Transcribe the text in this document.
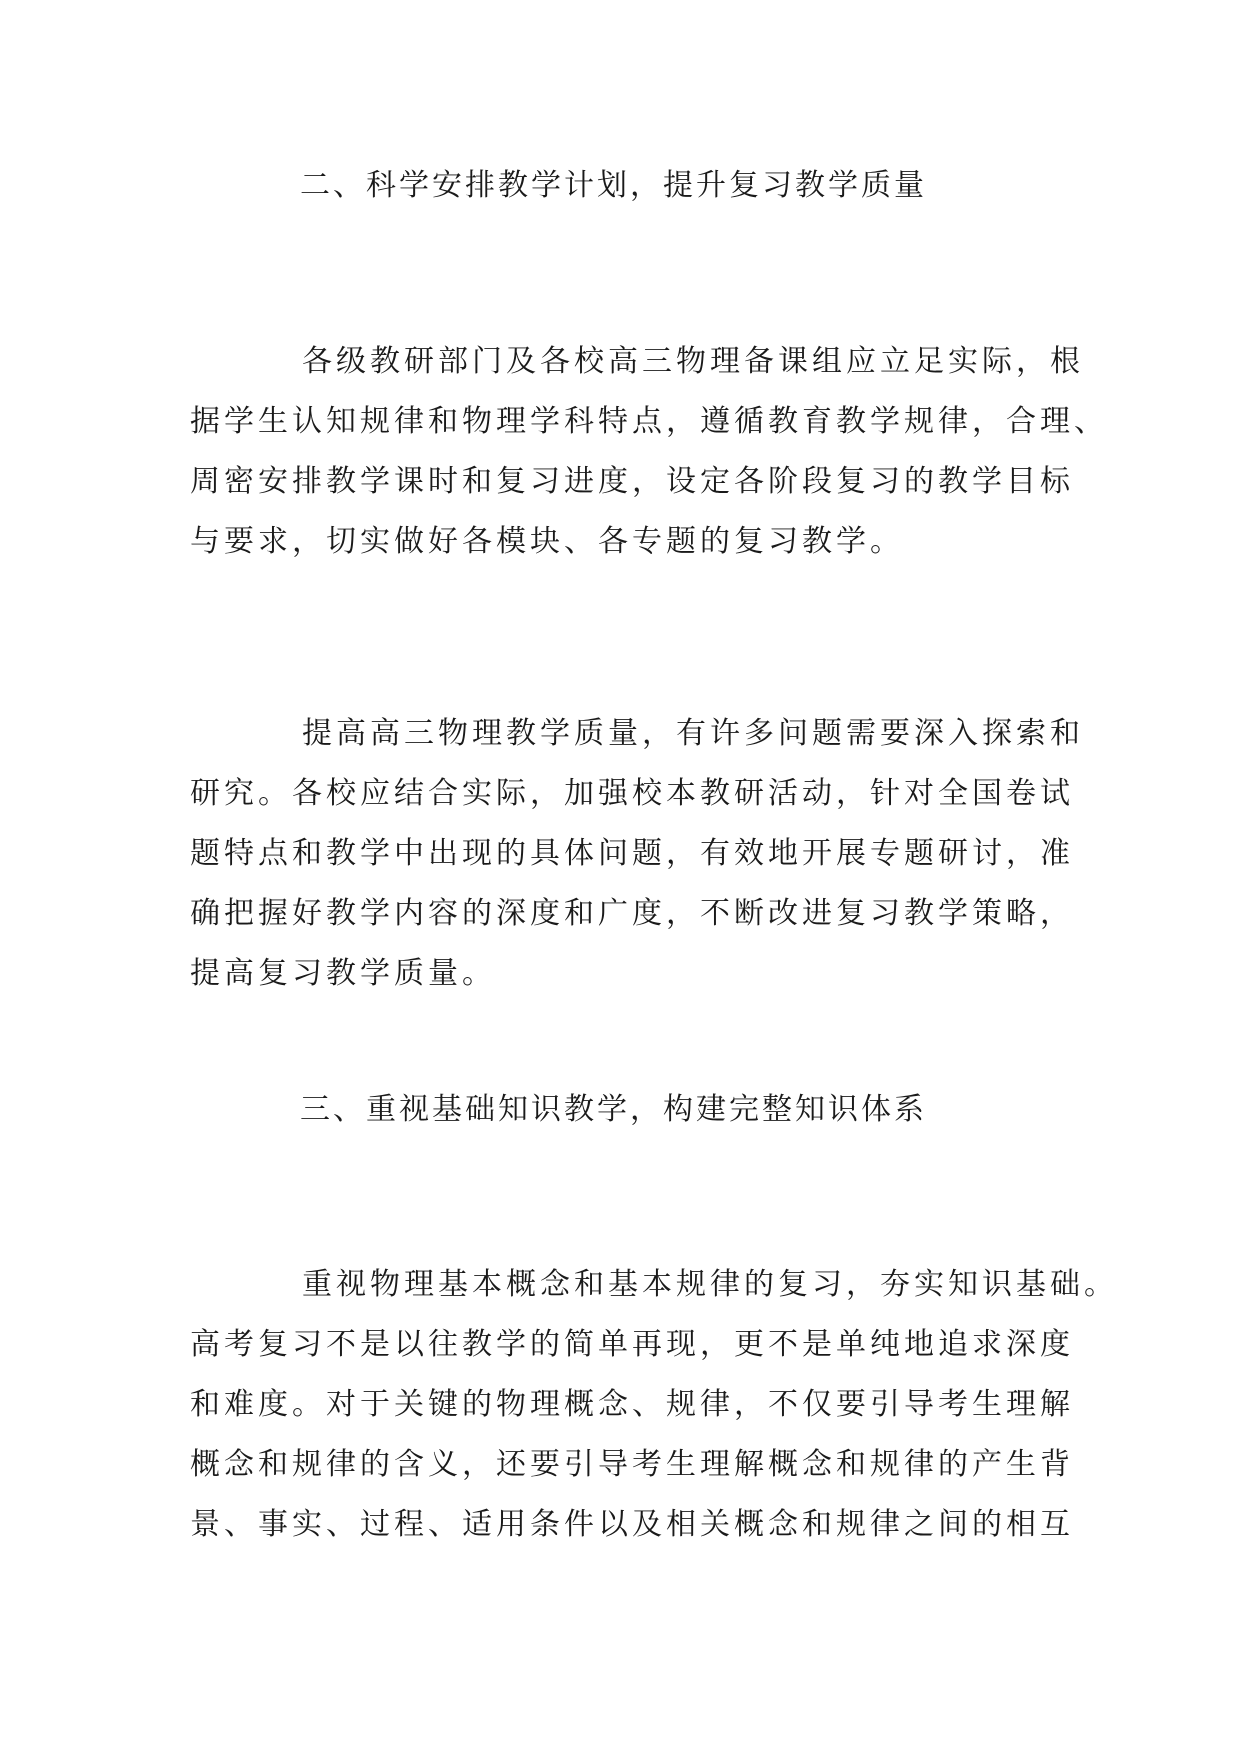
二、科学安排教学计划，提升复习教学质量
各级教研部门及各校高三物理备课组应立足实际，根
据学生认知规律和物理学科特点，遵循教育教学规律，合理、
周密安排教学课时和复习进度，设定各阶段复习的教学目标
与要求，切实做好各模块、各专题的复习教学。
提高高三物理教学质量，有许多问题需要深入探索和
研究。各校应结合实际，加强校本教研活动，针对全国卷试
题特点和教学中出现的具体问题，有效地开展专题研讨，准
确把握好教学内容的深度和广度，不断改进复习教学策略，
提高复习教学质量。
三、重视基础知识教学，构建完整知识体系
重视物理基本概念和基本规律的复习，夯实知识基础。
高考复习不是以往教学的简单再现，更不是单纯地追求深度
和难度。对于关键的物理概念、规律，不仅要引导考生理解
概念和规律的含义，还要引导考生理解概念和规律的产生背
景、事实、过程、适用条件以及相关概念和规律之间的相互
